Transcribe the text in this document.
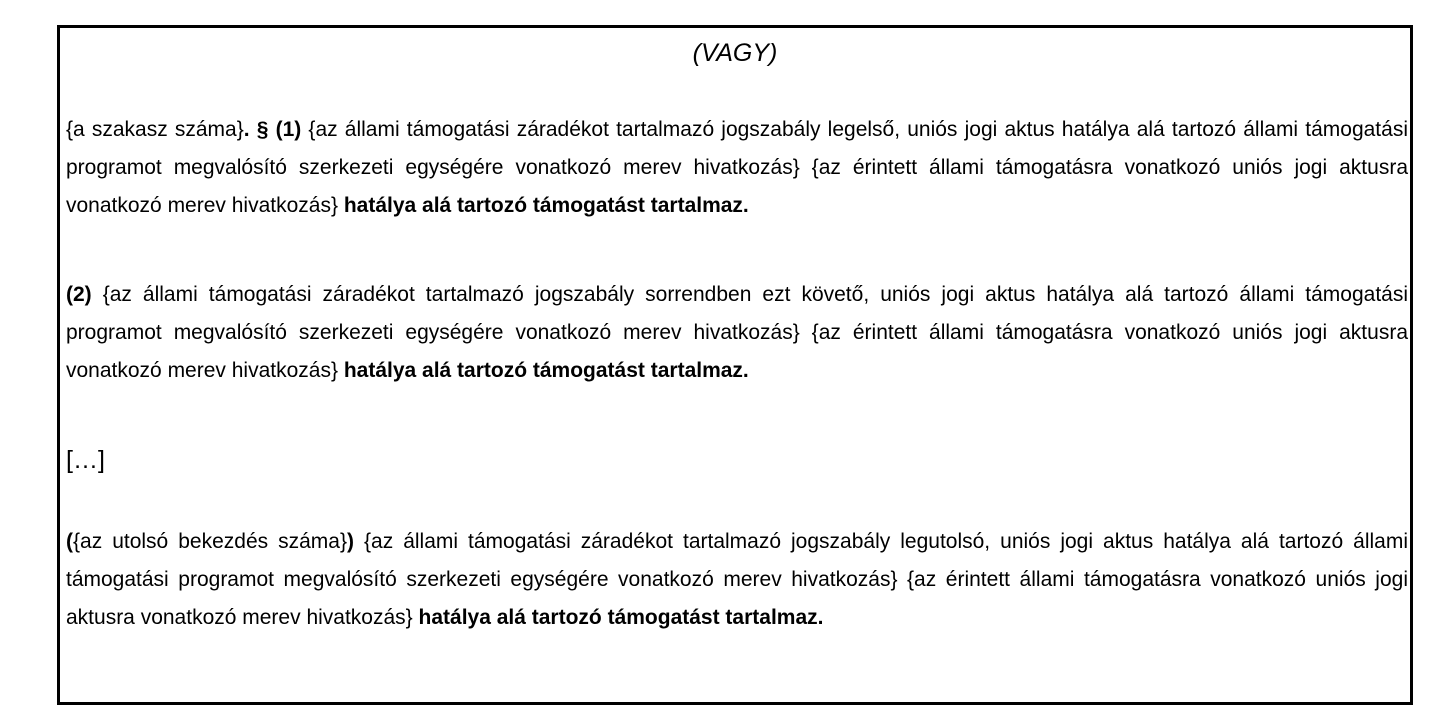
(VAGY)
{a szakasz száma}. § (1) {az állami támogatási záradékot tartalmazó jogszabály legelső, uniós jogi aktus hatálya alá tartozó állami támogatási programot megvalósító szerkezeti egységére vonatkozó merev hivatkozás} {az érintett állami támogatásra vonatkozó uniós jogi aktusra vonatkozó merev hivatkozás} hatálya alá tartozó támogatást tartalmaz.
(2) {az állami támogatási záradékot tartalmazó jogszabály sorrendben ezt követő, uniós jogi aktus hatálya alá tartozó állami támogatási programot megvalósító szerkezeti egységére vonatkozó merev hivatkozás} {az érintett állami támogatásra vonatkozó uniós jogi aktusra vonatkozó merev hivatkozás} hatálya alá tartozó támogatást tartalmaz.
[…]
({az utolsó bekezdés száma}) {az állami támogatási záradékot tartalmazó jogszabály legutolsó, uniós jogi aktus hatálya alá tartozó állami támogatási programot megvalósító szerkezeti egységére vonatkozó merev hivatkozás} {az érintett állami támogatásra vonatkozó uniós jogi aktusra vonatkozó merev hivatkozás} hatálya alá tartozó támogatást tartalmaz.
